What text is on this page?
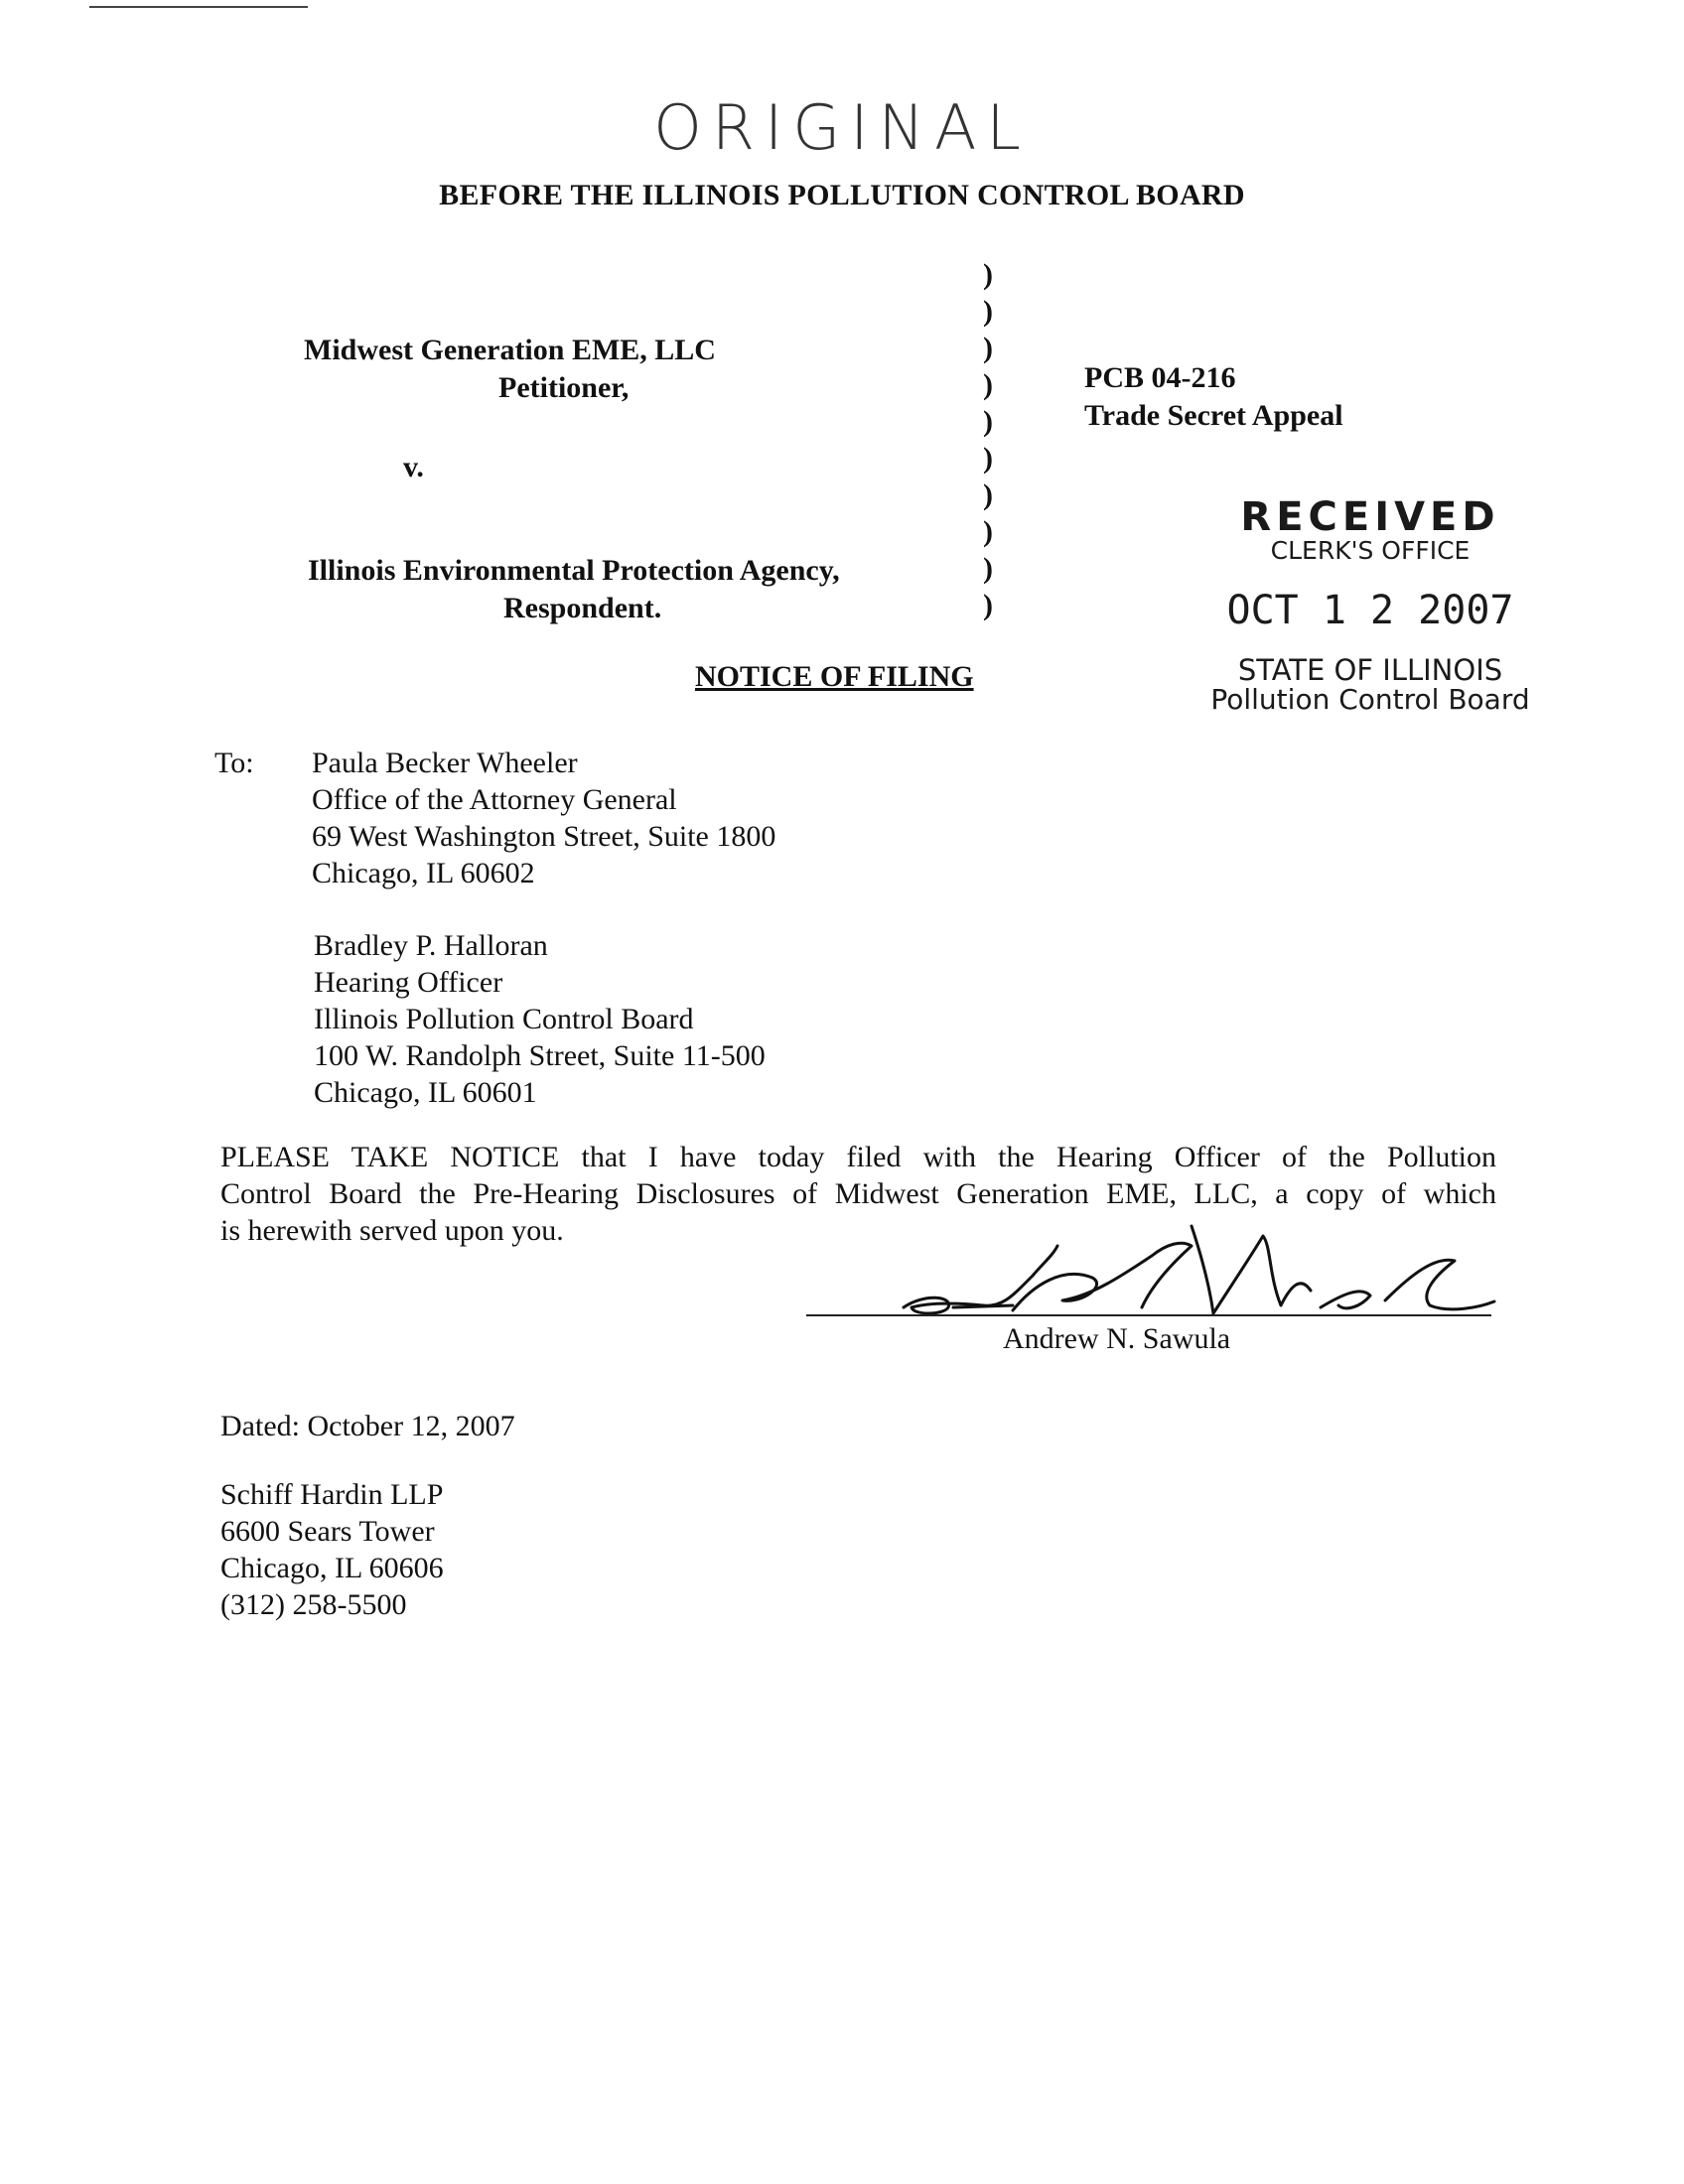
ORIGINAL
BEFORE THE ILLINOIS POLLUTION CONTROL BOARD
Midwest Generation EME, LLC
Petitioner,
v.
Illinois Environmental Protection Agency,
Respondent.
)
)
)
)
)
)
)
)
)
)
PCB 04-216
Trade Secret Appeal
RECEIVED
CLERK'S OFFICE
OCT 1 2 2007
STATE OF ILLINOIS
Pollution Control Board
NOTICE OF FILING
To: Paula Becker Wheeler
Office of the Attorney General
69 West Washington Street, Suite 1800
Chicago, IL 60602
Bradley P. Halloran
Hearing Officer
Illinois Pollution Control Board
100 W. Randolph Street, Suite 11-500
Chicago, IL 60601
PLEASE TAKE NOTICE that I have today filed with the Hearing Officer of the Pollution
Control Board the Pre-Hearing Disclosures of Midwest Generation EME, LLC, a copy of which
is herewith served upon you.
Andrew N. Sawula
Dated: October 12, 2007
Schiff Hardin LLP
6600 Sears Tower
Chicago, IL 60606
(312) 258-5500
